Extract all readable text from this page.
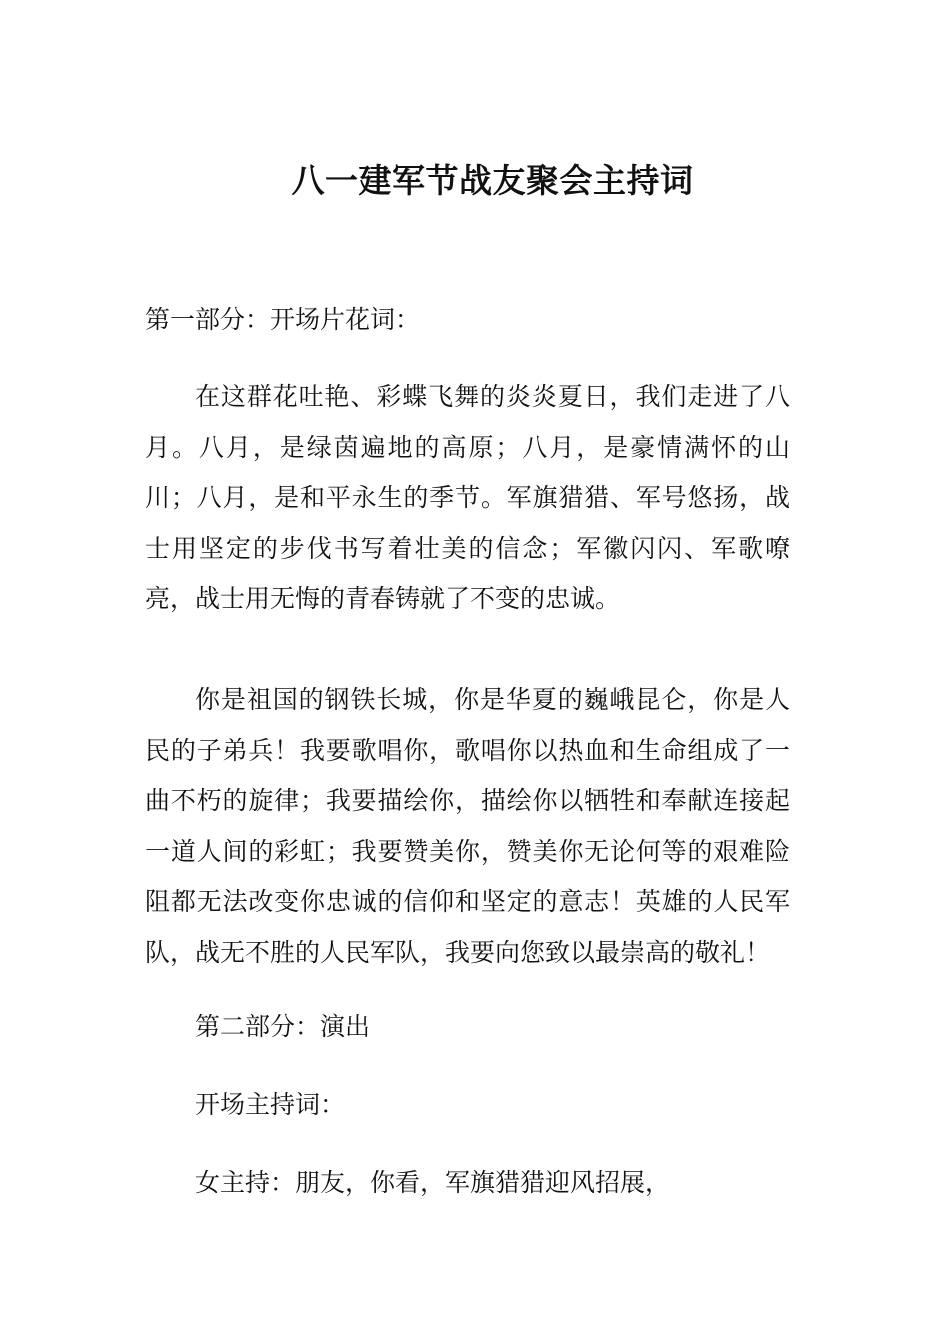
八一建军节战友聚会主持词

第一部分：开场片花词：

在这群花吐艳、彩蝶飞舞的炎炎夏日，我们走进了八月。八月，是绿茵遍地的高原；八月，是豪情满怀的山川；八月，是和平永生的季节。军旗猎猎、军号悠扬，战士用坚定的步伐书写着壮美的信念；军徽闪闪、军歌嘹亮，战士用无悔的青春铸就了不变的忠诚。

你是祖国的钢铁长城，你是华夏的巍峨昆仑，你是人民的子弟兵！我要歌唱你，歌唱你以热血和生命组成了一曲不朽的旋律；我要描绘你，描绘你以牺牲和奉献连接起一道人间的彩虹；我要赞美你，赞美你无论何等的艰难险阻都无法改变你忠诚的信仰和坚定的意志！英雄的人民军队，战无不胜的人民军队，我要向您致以最崇高的敬礼！

第二部分：演出

开场主持词：

女主持：朋友，你看，军旗猎猎迎风招展，
